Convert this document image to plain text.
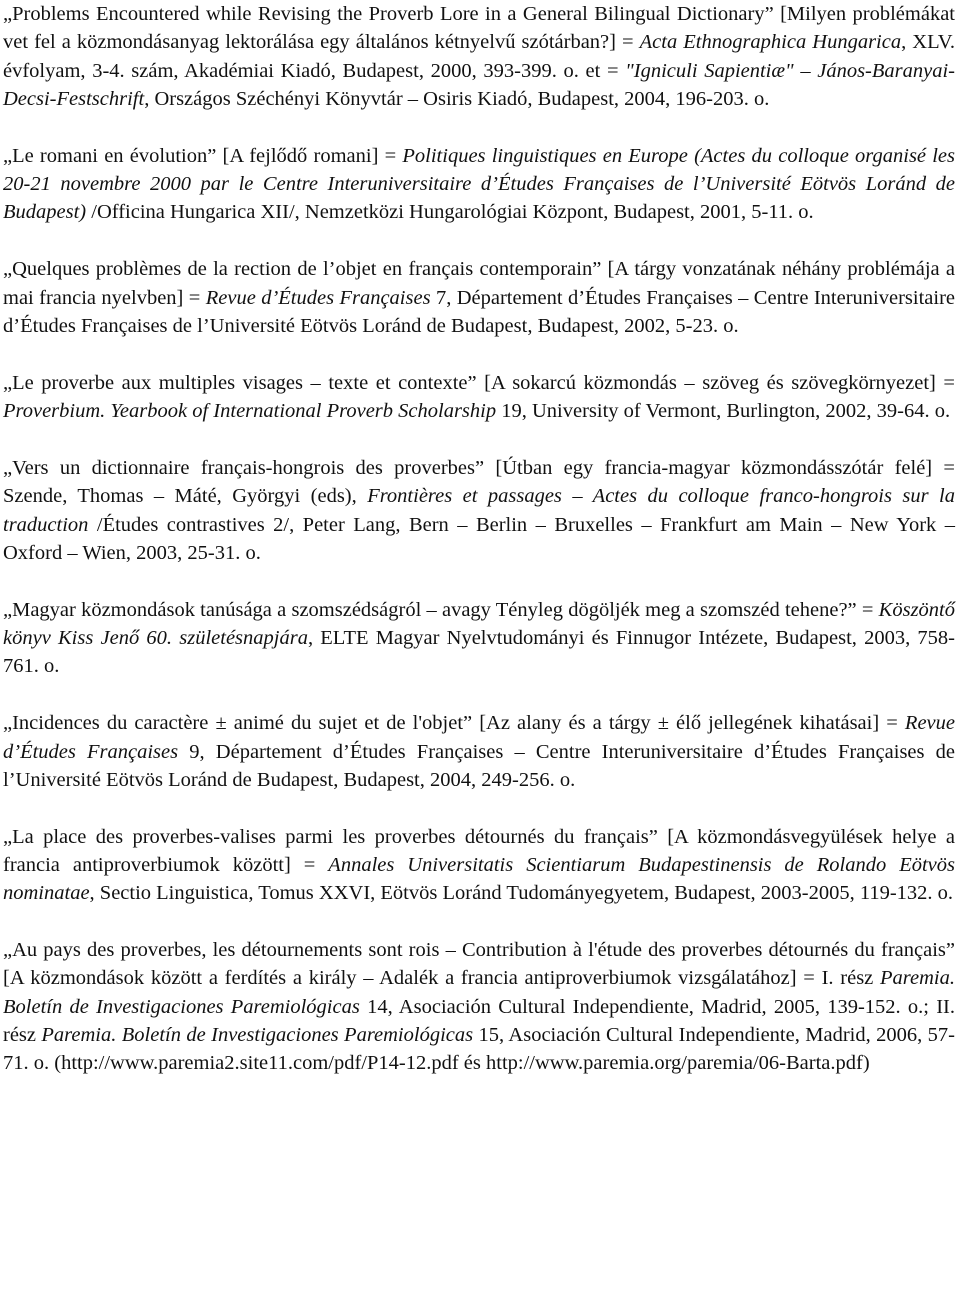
„Problems Encountered while Revising the Proverb Lore in a General Bilingual Dictionary” [Milyen problémákat vet fel a közmondásanyag lektorálása egy általános kétnyelvű szótárban?] = Acta Ethnographica Hungarica, XLV. évfolyam, 3-4. szám, Akadémiai Kiadó, Budapest, 2000, 393-399. o. et = "Igniculi Sapientiæ" – János-Baranyai-Decsi-Festschrift, Országos Széchényi Könyvtár – Osiris Kiadó, Budapest, 2004, 196-203. o.

„Le romani en évolution” [A fejlődő romani] = Politiques linguistiques en Europe (Actes du colloque organisé les 20-21 novembre 2000 par le Centre Interuniversitaire d’Études Françaises de l’Université Eötvös Loránd de Budapest) /Officina Hungarica XII/, Nemzetközi Hungarológiai Központ, Budapest, 2001, 5-11. o.

„Quelques problèmes de la rection de l’objet en français contemporain” [A tárgy vonzatának néhány problémája a mai francia nyelvben] = Revue d’Études Françaises 7, Département d’Études Françaises – Centre Interuniversitaire d’Études Françaises de l’Université Eötvös Loránd de Budapest, Budapest, 2002, 5-23. o.

„Le proverbe aux multiples visages – texte et contexte” [A sokarcú közmondás – szöveg és szövegkörnyezet] = Proverbium. Yearbook of International Proverb Scholarship 19, University of Vermont, Burlington, 2002, 39-64. o.

„Vers un dictionnaire français-hongrois des proverbes” [Útban egy francia-magyar közmondásszótár felé] = Szende, Thomas – Máté, Györgyi (eds), Frontières et passages – Actes du colloque franco-hongrois sur la traduction /Études contrastives 2/, Peter Lang, Bern – Berlin – Bruxelles – Frankfurt am Main – New York – Oxford – Wien, 2003, 25-31. o.

„Magyar közmondások tanúsága a szomszédságról – avagy Tényleg dögöljék meg a szomszéd tehene?” = Köszöntő könyv Kiss Jenő 60. születésnapjára, ELTE Magyar Nyelvtudományi és Finnugor Intézete, Budapest, 2003, 758-761. o.

„Incidences du caractère ± animé du sujet et de l'objet” [Az alany és a tárgy ± élő jellegének kihatásai] = Revue d’Études Françaises 9, Département d’Études Françaises – Centre Interuniversitaire d’Études Françaises de l’Université Eötvös Loránd de Budapest, Budapest, 2004, 249-256. o.

„La place des proverbes-valises parmi les proverbes détournés du français” [A közmondásvegyülések helye a francia antiproverbiumok között] = Annales Universitatis Scientiarum Budapestinensis de Rolando Eötvös nominatae, Sectio Linguistica, Tomus XXVI, Eötvös Loránd Tudományegyetem, Budapest, 2003-2005, 119-132. o.

„Au pays des proverbes, les détournements sont rois – Contribution à l'étude des proverbes détournés du français” [A közmondások között a ferdítés a király – Adalék a francia antiproverbiumok vizsgálatához] = I. rész Paremia. Boletín de Investigaciones Paremiológicas 14, Asociación Cultural Independiente, Madrid, 2005, 139-152. o.; II. rész Paremia. Boletín de Investigaciones Paremiológicas 15, Asociación Cultural Independiente, Madrid, 2006, 57-71. o. (http://www.paremia2.site11.com/pdf/P14-12.pdf és http://www.paremia.org/paremia/06-Barta.pdf)
